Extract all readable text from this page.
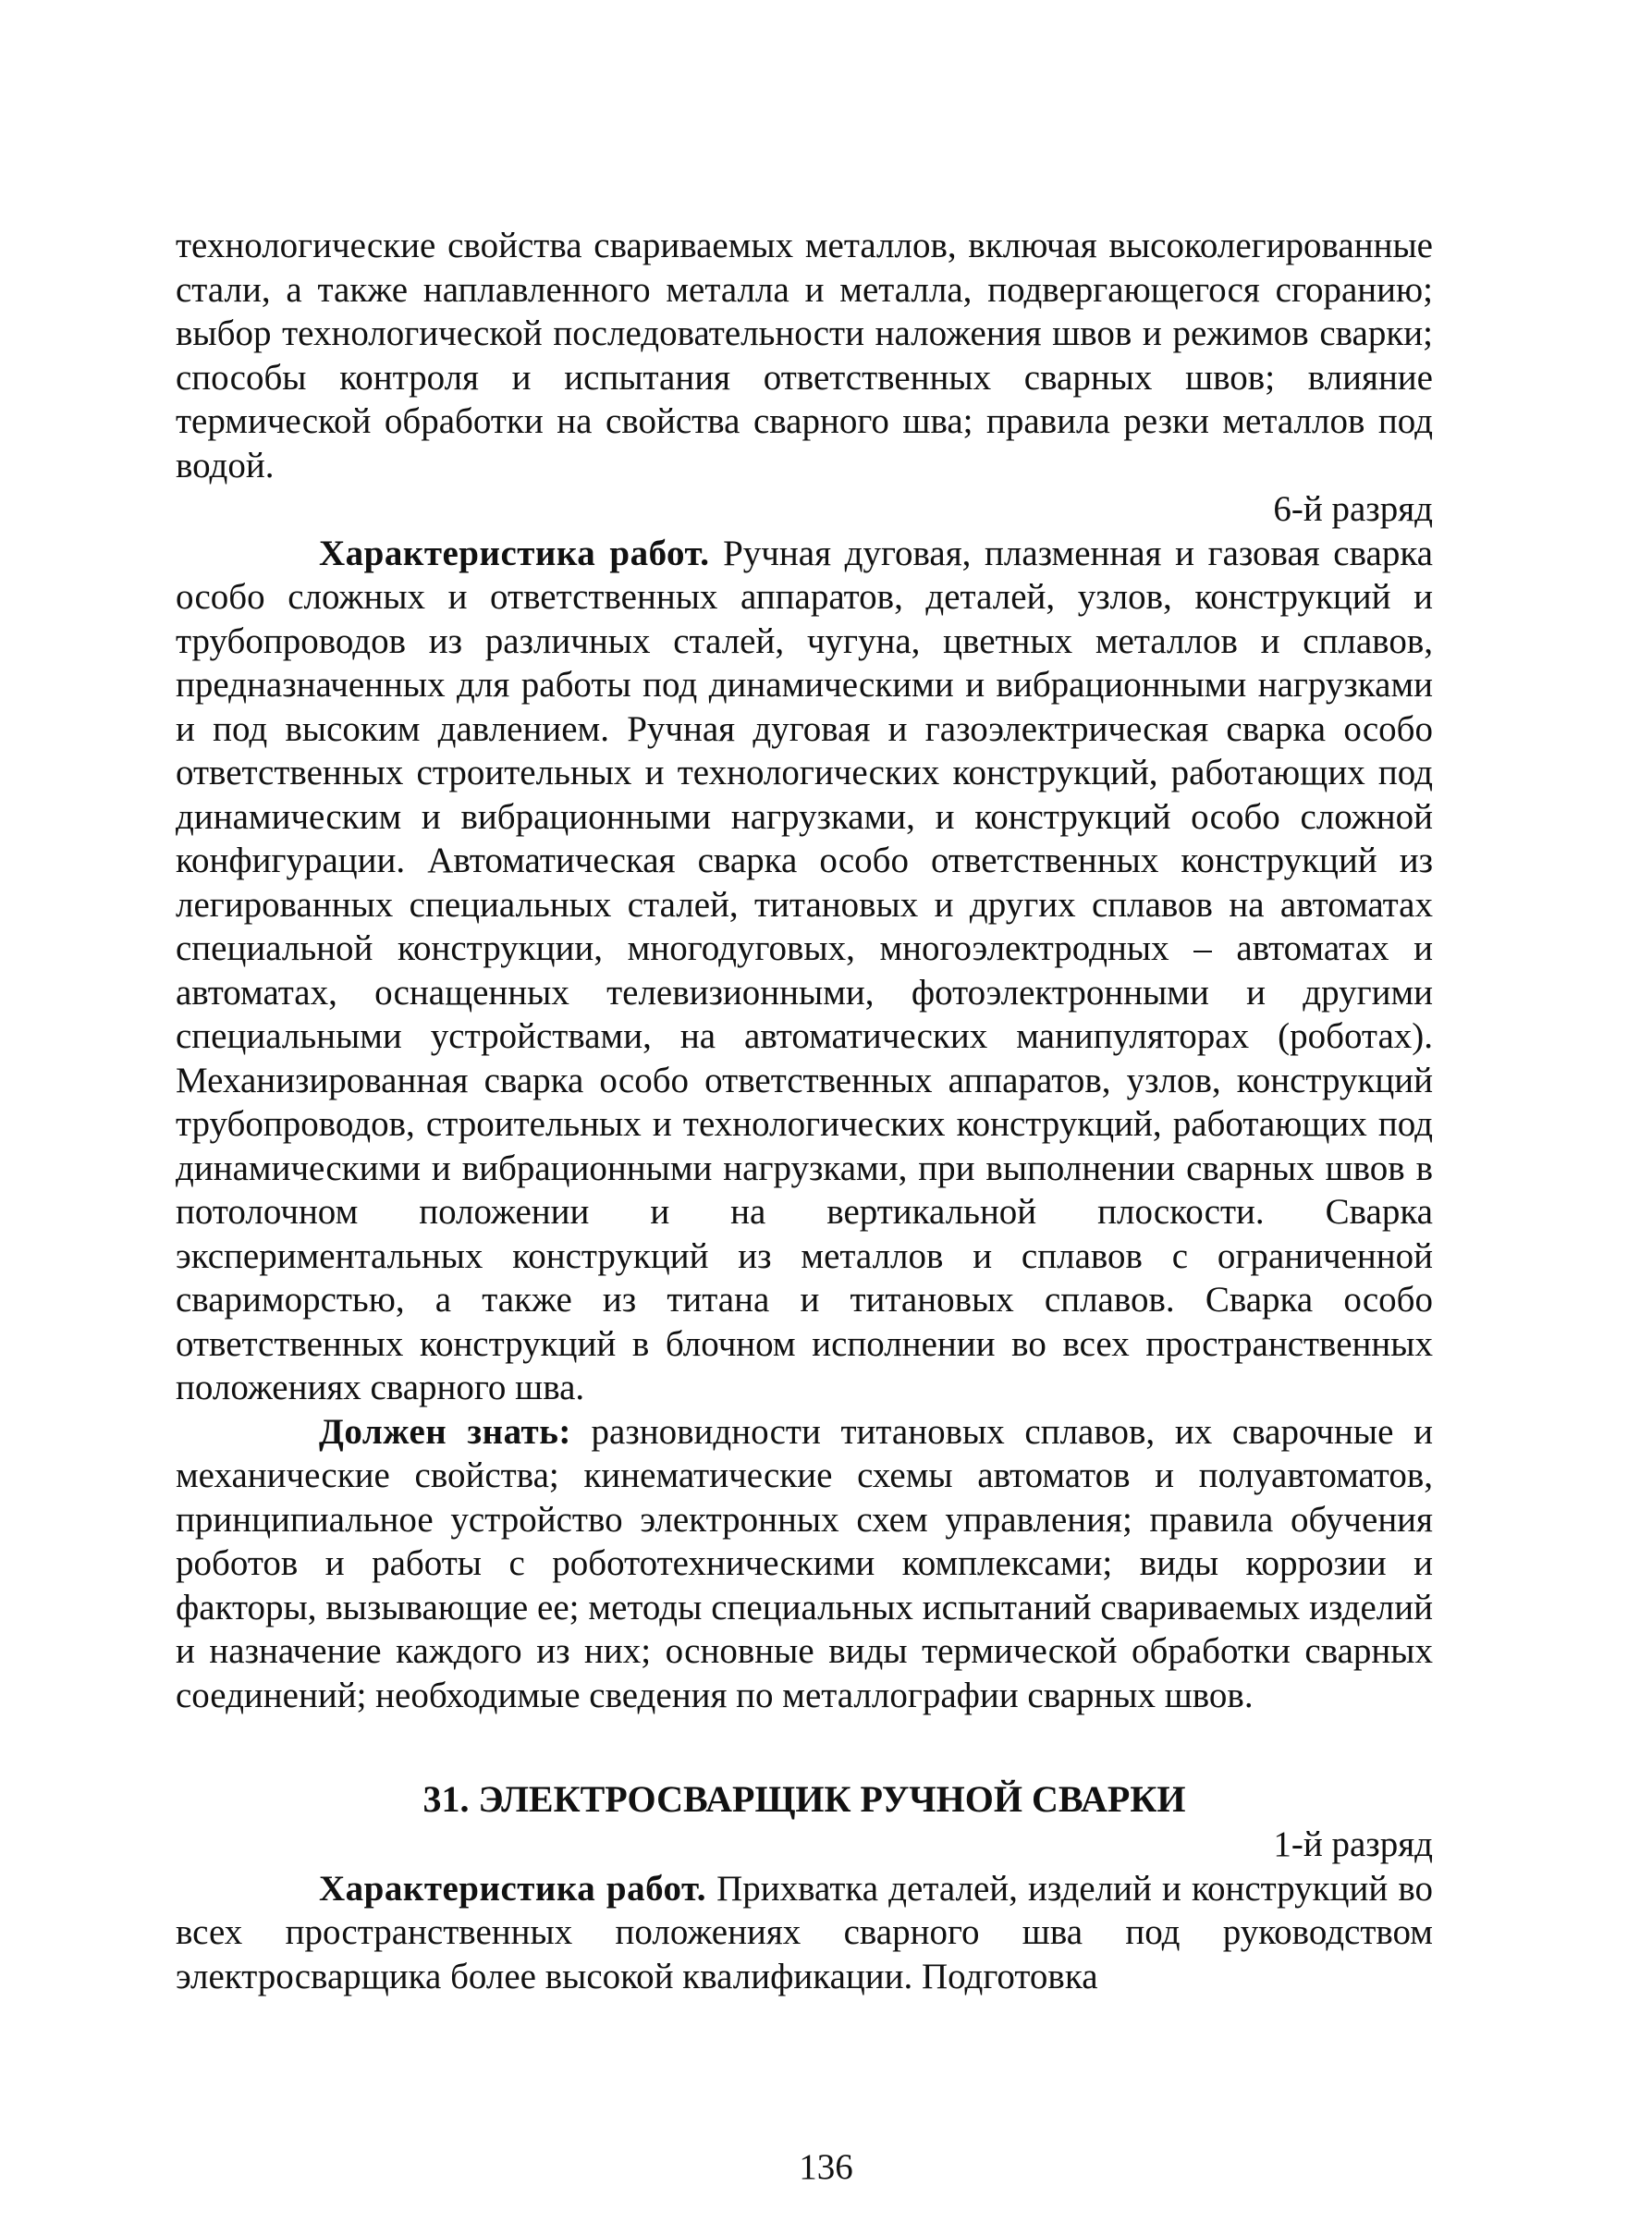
технологические свойства свариваемых металлов, включая высоколегированные стали, а также наплавленного металла и металла, подвергающегося сгоранию; выбор технологической последовательности наложения швов и режимов сварки; способы контроля и испытания ответственных сварных швов; влияние термической обработки на свойства сварного шва; правила резки металлов под водой.

6-й разряд

Характеристика работ. Ручная дуговая, плазменная и газовая сварка особо сложных и ответственных аппаратов, деталей, узлов, конструкций и трубопроводов из различных сталей, чугуна, цветных металлов и сплавов, предназначенных для работы под динамическими и вибрационными нагрузками и под высоким давлением. Ручная дуговая и газоэлектрическая сварка особо ответственных строительных и технологических конструкций, работающих под динамическим и вибрационными нагрузками, и конструкций особо сложной конфигурации. Автоматическая сварка особо ответственных конструкций из легированных специальных сталей, титановых и других сплавов на автоматах специальной конструкции, многодуговых, многоэлектродных – автоматах и автоматах, оснащенных телевизионными, фотоэлектронными и другими специальными устройствами, на автоматических манипуляторах (роботах). Механизированная сварка особо ответственных аппаратов, узлов, конструкций трубопроводов, строительных и технологических конструкций, работающих под динамическими и вибрационными нагрузками, при выполнении сварных швов в потолочном положении и на вертикальной плоскости. Сварка экспериментальных конструкций из металлов и сплавов с ограниченной свариморстью, а также из титана и титановых сплавов. Сварка особо ответственных конструкций в блочном исполнении во всех пространственных положениях сварного шва.

Должен знать: разновидности титановых сплавов, их сварочные и механические свойства; кинематические схемы автоматов и полуавтоматов, принципиальное устройство электронных схем управления; правила обучения роботов и работы с робототехническими комплексами; виды коррозии и факторы, вызывающие ее; методы специальных испытаний свариваемых изделий и назначение каждого из них; основные виды термической обработки сварных соединений; необходимые сведения по металлографии сварных швов.

31. ЭЛЕКТРОСВАРЩИК РУЧНОЙ СВАРКИ

1-й разряд

Характеристика работ. Прихватка деталей, изделий и конструкций во всех пространственных положениях сварного шва под руководством электросварщика более высокой квалификации. Подготовка

136
